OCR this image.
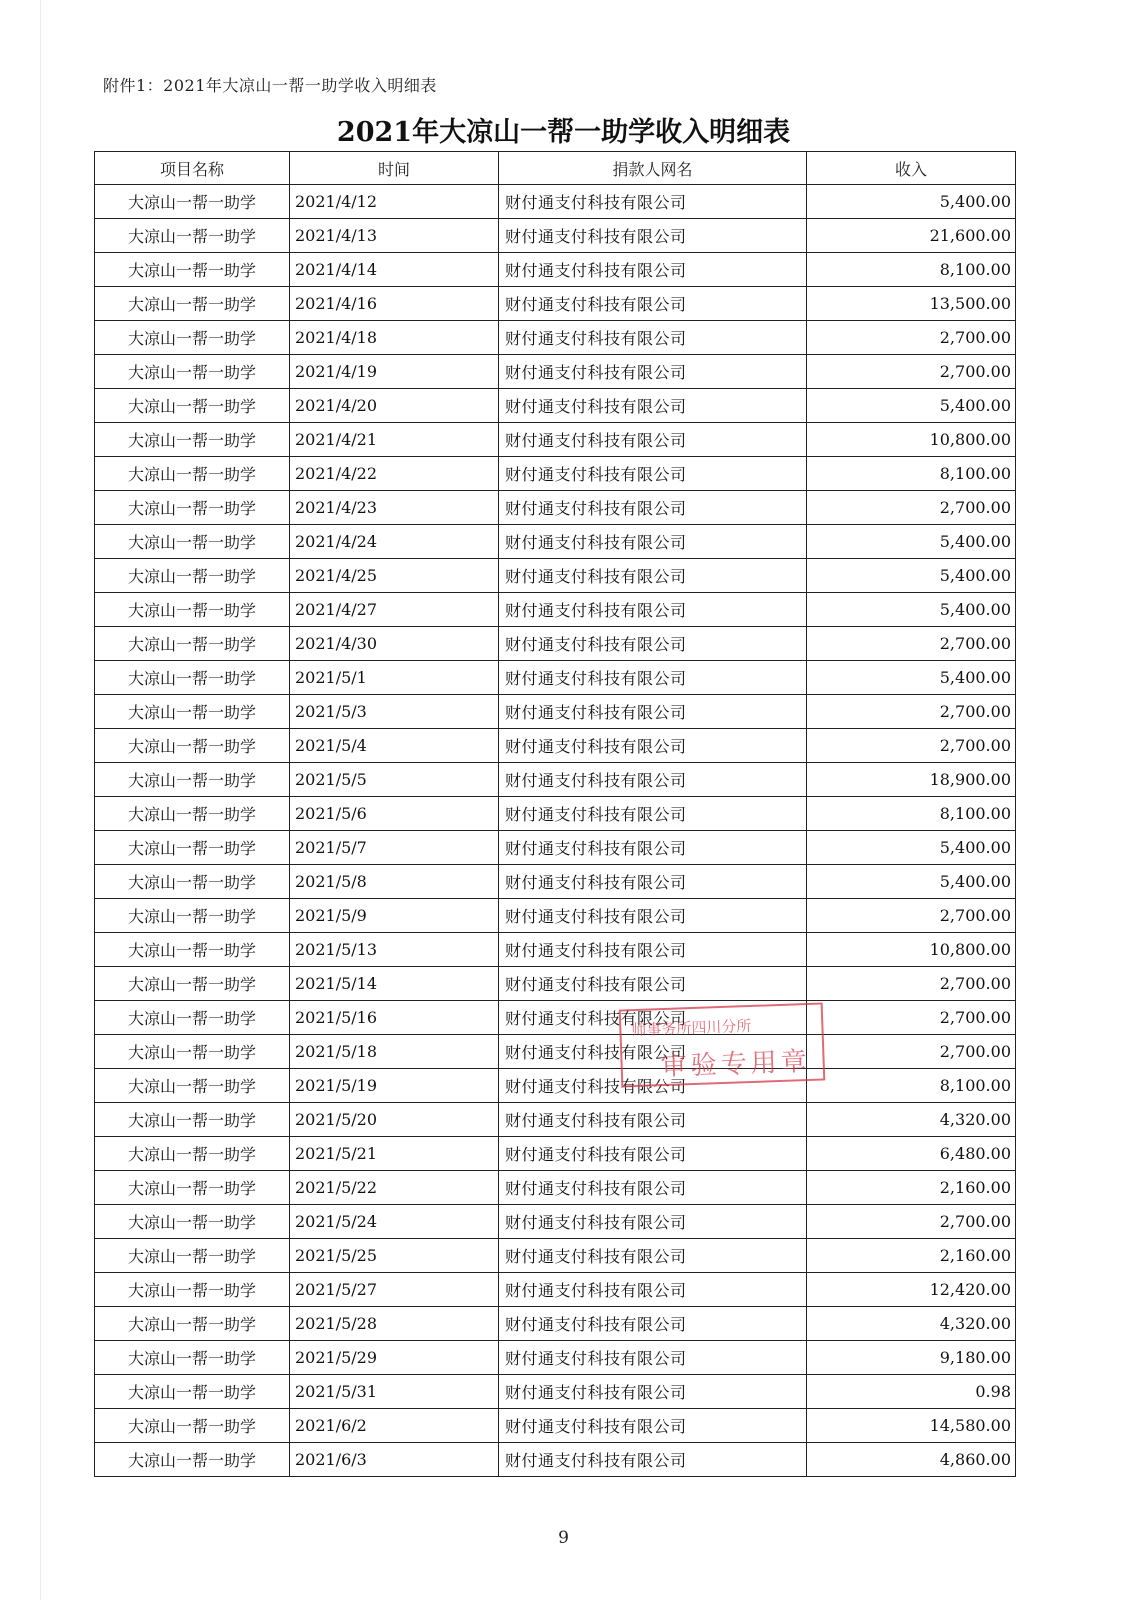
附件1：2021年大凉山一帮一助学收入明细表
2021年大凉山一帮一助学收入明细表
项目名称	时间	捐款人网名	收入
大凉山一帮一助学	2021/4/12	财付通支付科技有限公司	5,400.00
大凉山一帮一助学	2021/4/13	财付通支付科技有限公司	21,600.00
大凉山一帮一助学	2021/4/14	财付通支付科技有限公司	8,100.00
大凉山一帮一助学	2021/4/16	财付通支付科技有限公司	13,500.00
大凉山一帮一助学	2021/4/18	财付通支付科技有限公司	2,700.00
大凉山一帮一助学	2021/4/19	财付通支付科技有限公司	2,700.00
大凉山一帮一助学	2021/4/20	财付通支付科技有限公司	5,400.00
大凉山一帮一助学	2021/4/21	财付通支付科技有限公司	10,800.00
大凉山一帮一助学	2021/4/22	财付通支付科技有限公司	8,100.00
大凉山一帮一助学	2021/4/23	财付通支付科技有限公司	2,700.00
大凉山一帮一助学	2021/4/24	财付通支付科技有限公司	5,400.00
大凉山一帮一助学	2021/4/25	财付通支付科技有限公司	5,400.00
大凉山一帮一助学	2021/4/27	财付通支付科技有限公司	5,400.00
大凉山一帮一助学	2021/4/30	财付通支付科技有限公司	2,700.00
大凉山一帮一助学	2021/5/1	财付通支付科技有限公司	5,400.00
大凉山一帮一助学	2021/5/3	财付通支付科技有限公司	2,700.00
大凉山一帮一助学	2021/5/4	财付通支付科技有限公司	2,700.00
大凉山一帮一助学	2021/5/5	财付通支付科技有限公司	18,900.00
大凉山一帮一助学	2021/5/6	财付通支付科技有限公司	8,100.00
大凉山一帮一助学	2021/5/7	财付通支付科技有限公司	5,400.00
大凉山一帮一助学	2021/5/8	财付通支付科技有限公司	5,400.00
大凉山一帮一助学	2021/5/9	财付通支付科技有限公司	2,700.00
大凉山一帮一助学	2021/5/13	财付通支付科技有限公司	10,800.00
大凉山一帮一助学	2021/5/14	财付通支付科技有限公司	2,700.00
大凉山一帮一助学	2021/5/16	财付通支付科技有限公司	2,700.00
大凉山一帮一助学	2021/5/18	财付通支付科技有限公司	2,700.00
大凉山一帮一助学	2021/5/19	财付通支付科技有限公司	8,100.00
大凉山一帮一助学	2021/5/20	财付通支付科技有限公司	4,320.00
大凉山一帮一助学	2021/5/21	财付通支付科技有限公司	6,480.00
大凉山一帮一助学	2021/5/22	财付通支付科技有限公司	2,160.00
大凉山一帮一助学	2021/5/24	财付通支付科技有限公司	2,700.00
大凉山一帮一助学	2021/5/25	财付通支付科技有限公司	2,160.00
大凉山一帮一助学	2021/5/27	财付通支付科技有限公司	12,420.00
大凉山一帮一助学	2021/5/28	财付通支付科技有限公司	4,320.00
大凉山一帮一助学	2021/5/29	财付通支付科技有限公司	9,180.00
大凉山一帮一助学	2021/5/31	财付通支付科技有限公司	0.98
大凉山一帮一助学	2021/6/2	财付通支付科技有限公司	14,580.00
大凉山一帮一助学	2021/6/3	财付通支付科技有限公司	4,860.00
师事务所四川分所
审验专用章
9
